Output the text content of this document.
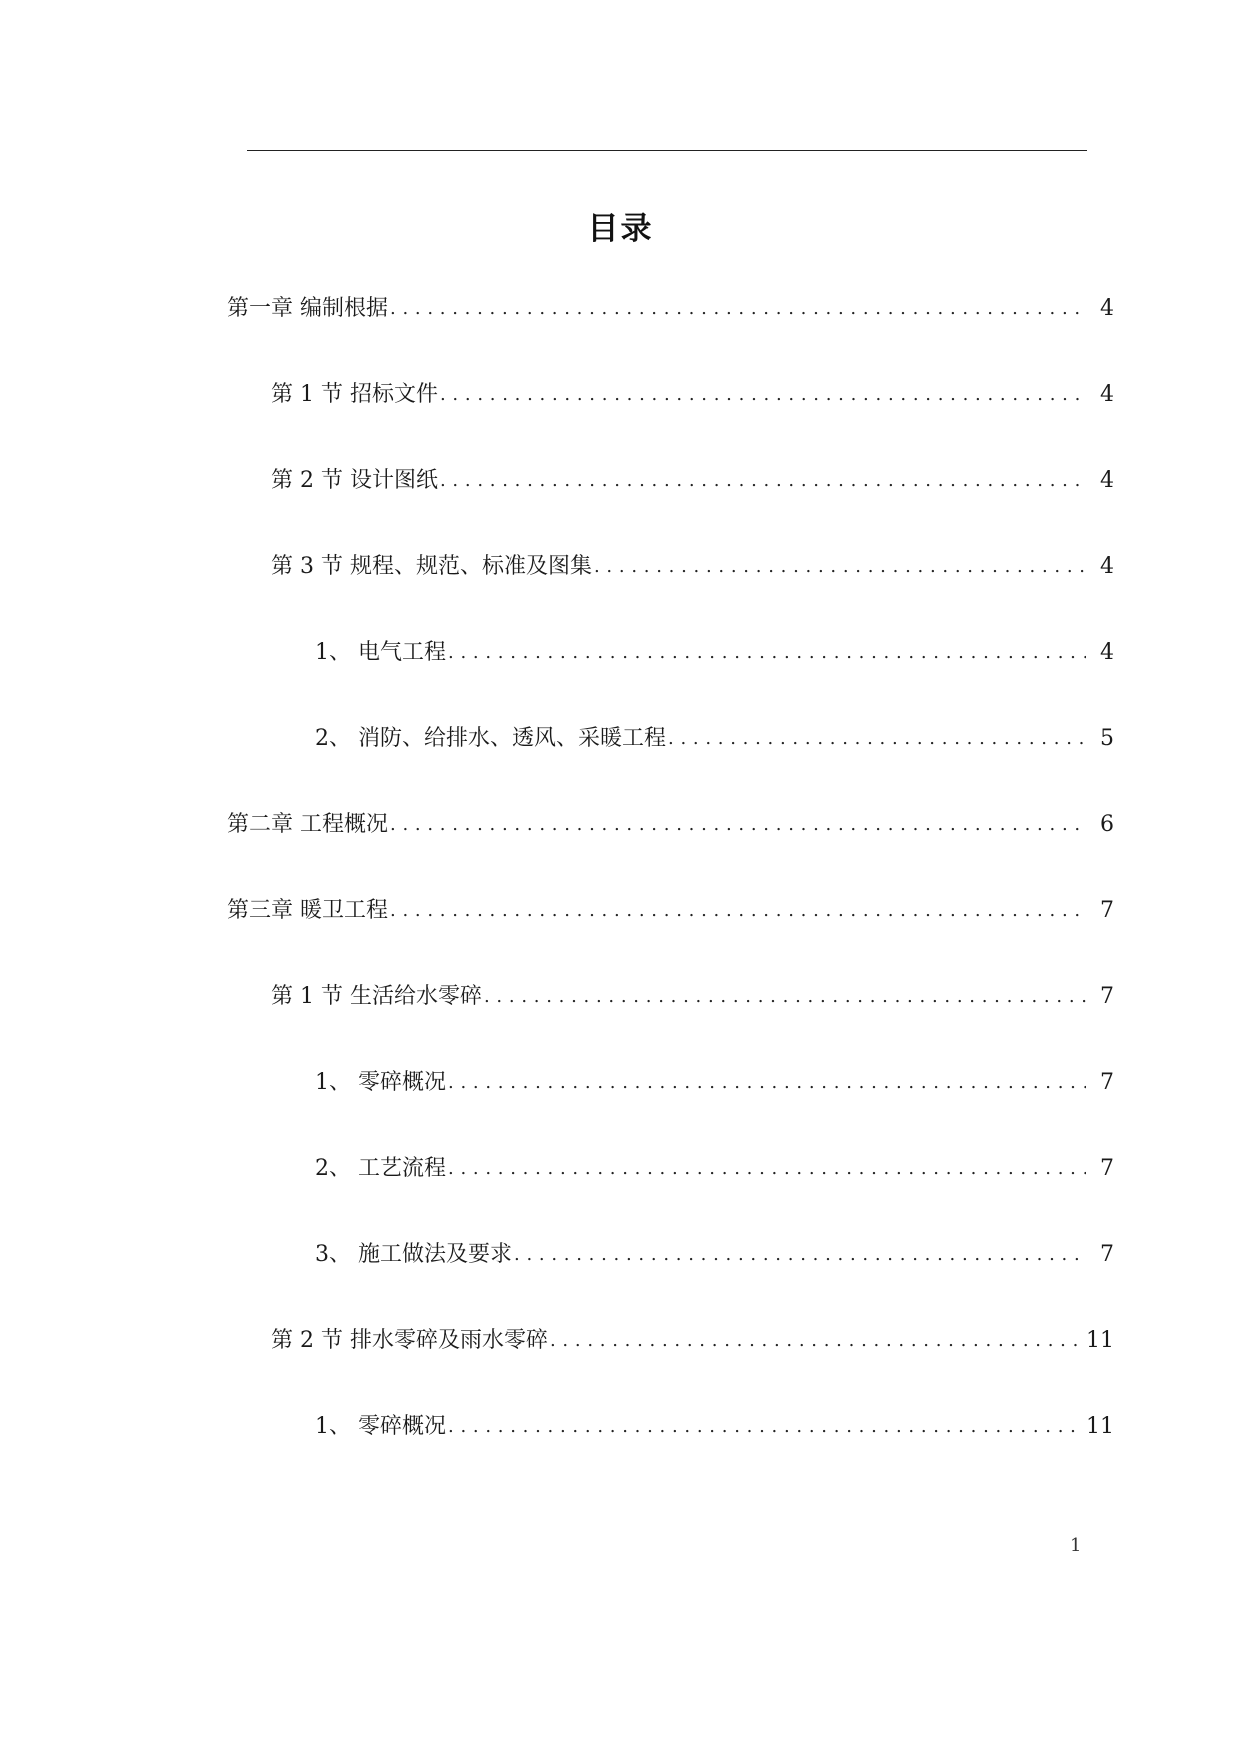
目录
第一章 编制根据 . . .	4
第 1 节 招标文件 . . .	4
第 2 节 设计图纸 . . .	4
第 3 节 规程、规范、标准及图集 . . .	4
1、 电气工程 . . .	4
2、 消防、给排水、透风、采暖工程 . . .	5
第二章 工程概况 . . .	6
第三章 暖卫工程 . . .	7
第 1 节 生活给水零碎 . . .	7
1、 零碎概况 . . .	7
2、 工艺流程 . . .	7
3、 施工做法及要求 . . .	7
第 2 节 排水零碎及雨水零碎 . . .	11
1、 零碎概况 . . .	11
1
